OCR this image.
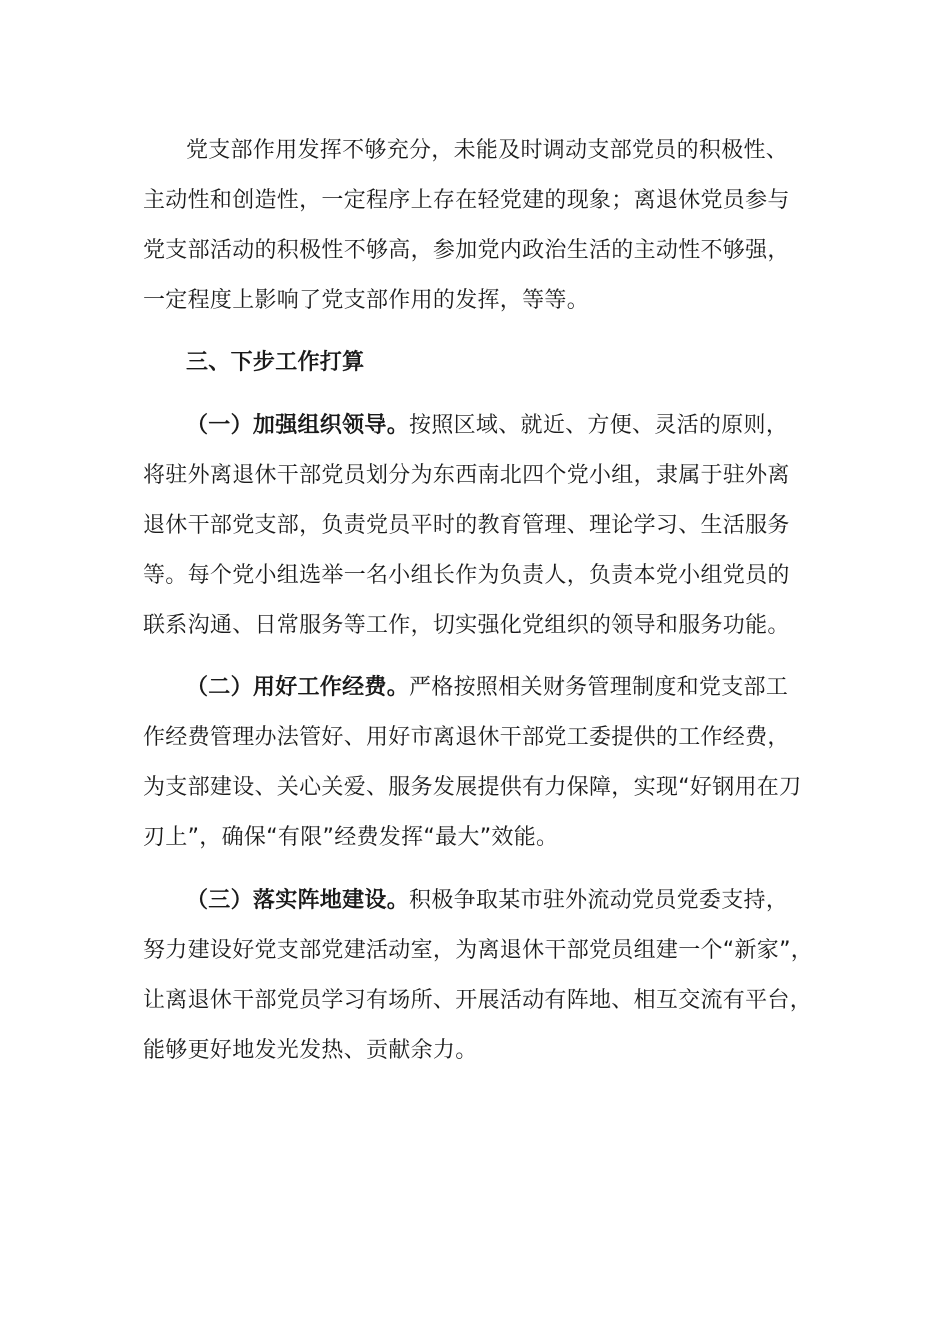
党支部作用发挥不够充分，未能及时调动支部党员的积极性、
主动性和创造性，一定程序上存在轻党建的现象；离退休党员参与
党支部活动的积极性不够高，参加党内政治生活的主动性不够强，
一定程度上影响了党支部作用的发挥，等等。
三、下步工作打算
（一）加强组织领导。按照区域、就近、方便、灵活的原则，
将驻外离退休干部党员划分为东西南北四个党小组，隶属于驻外离
退休干部党支部，负责党员平时的教育管理、理论学习、生活服务
等。每个党小组选举一名小组长作为负责人，负责本党小组党员的
联系沟通、日常服务等工作，切实强化党组织的领导和服务功能。
（二）用好工作经费。严格按照相关财务管理制度和党支部工
作经费管理办法管好、用好市离退休干部党工委提供的工作经费，
为支部建设、关心关爱、服务发展提供有力保障，实现“好钢用在刀
刃上”，确保“有限”经费发挥“最大”效能。
（三）落实阵地建设。积极争取某市驻外流动党员党委支持，
努力建设好党支部党建活动室，为离退休干部党员组建一个“新家”，
让离退休干部党员学习有场所、开展活动有阵地、相互交流有平台，
能够更好地发光发热、贡献余力。
